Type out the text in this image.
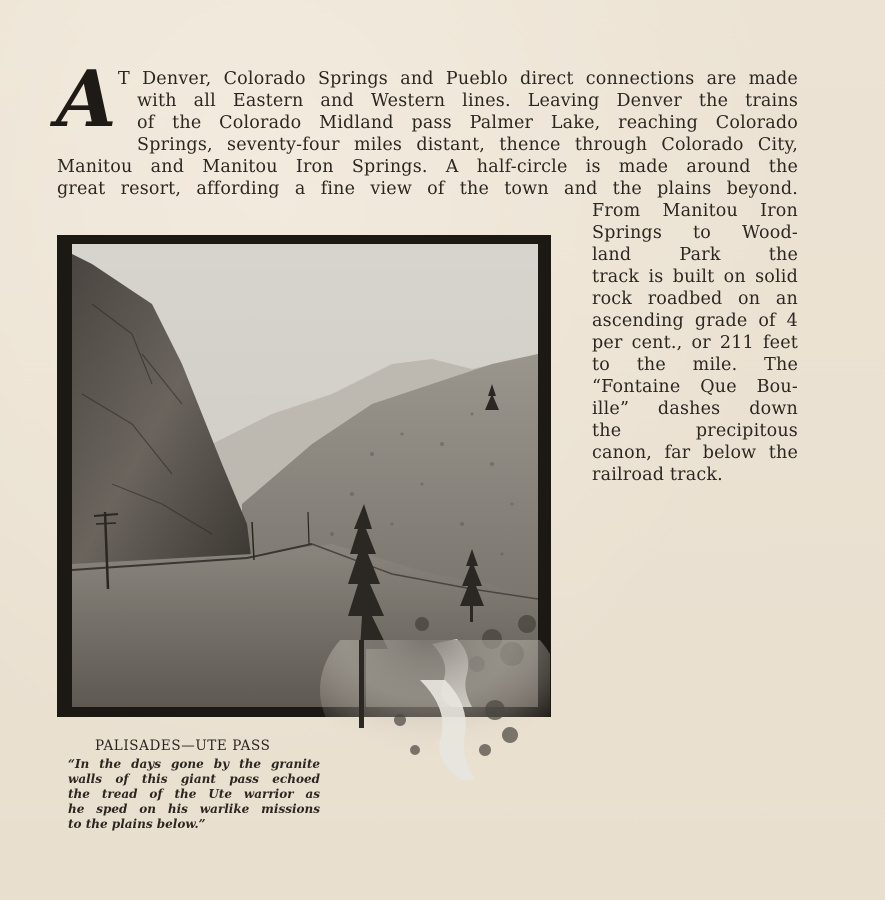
A T Denver, Colorado Springs and Pueblo direct connections are made
with all Eastern and Western lines. Leaving Denver the trains
of the Colorado Midland pass Palmer Lake, reaching Colorado
Springs, seventy-four miles distant, thence through Colorado City,
Manitou and Manitou Iron Springs. A half-circle is made around the
great resort, affording a fine view of the town and the plains beyond.
From Manitou Iron
Springs to Wood-
land Park the
track is built on solid
rock roadbed on an
ascending grade of 4
per cent., or 211 feet
to the mile. The
“Fontaine Que Bou-
ille” dashes down
the precipitous
canon, far below the
railroad track.
PALISADES—UTE PASS
“In the days gone by the granite
walls of this giant pass echoed
the tread of the Ute warrior as
he sped on his warlike missions
to the plains below.”
